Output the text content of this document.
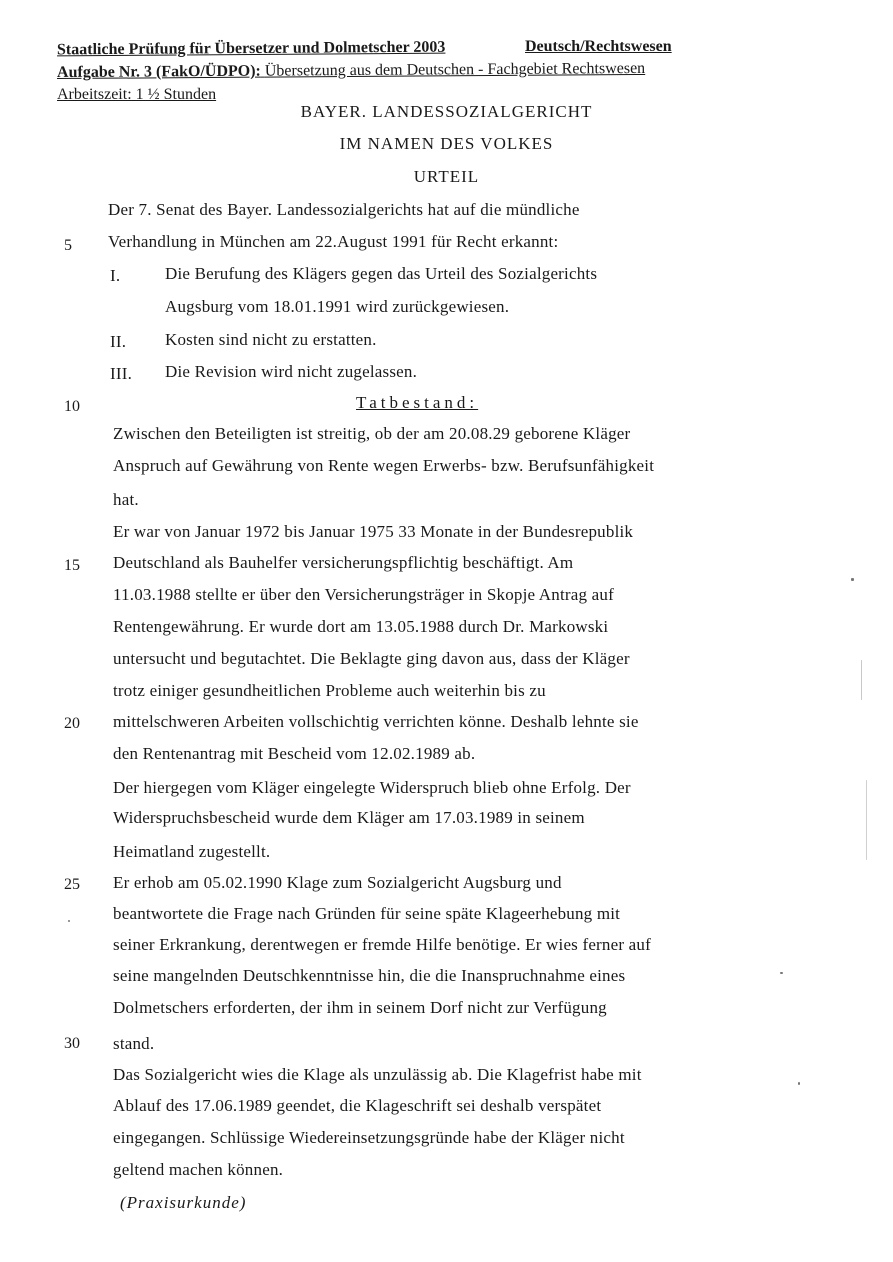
Staatliche Prüfung für Übersetzer und Dolmetscher 2003	Deutsch/Rechtswesen
Aufgabe Nr. 3 (FakO/ÜDPO): Übersetzung aus dem Deutschen - Fachgebiet Rechtswesen
Arbeitszeit: 1 ½ Stunden
BAYER. LANDESSOZIALGERICHT
IM NAMEN DES VOLKES
URTEIL
5
10
15
20
25
30
Der 7. Senat des Bayer. Landessozialgerichts hat auf die mündliche
Verhandlung in München am 22.August 1991 für Recht erkannt:
I.	Die Berufung des Klägers gegen das Urteil des Sozialgerichts
Augsburg vom 18.01.1991 wird zurückgewiesen.
II. Kosten sind nicht zu erstatten.
III. Die Revision wird nicht zugelassen.
Tatbestand:
Zwischen den Beteiligten ist streitig, ob der am 20.08.29 geborene Kläger
Anspruch auf Gewährung von Rente wegen Erwerbs- bzw. Berufsunfähigkeit
hat.
Er war von Januar 1972 bis Januar 1975 33 Monate in der Bundesrepublik
Deutschland als Bauhelfer versicherungspflichtig beschäftigt. Am
11.03.1988 stellte er über den Versicherungsträger in Skopje Antrag auf
Rentengewährung. Er wurde dort am 13.05.1988 durch Dr. Markowski
untersucht und begutachtet. Die Beklagte ging davon aus, dass der Kläger
trotz einiger gesundheitlichen Probleme auch weiterhin bis zu
mittelschweren Arbeiten vollschichtig verrichten könne. Deshalb lehnte sie
den Rentenantrag mit Bescheid vom 12.02.1989 ab.
Der hiergegen vom Kläger eingelegte Widerspruch blieb ohne Erfolg. Der
Widerspruchsbescheid wurde dem Kläger am 17.03.1989 in seinem
Heimatland zugestellt.
Er erhob am 05.02.1990 Klage zum Sozialgericht Augsburg und
beantwortete die Frage nach Gründen für seine späte Klageerhebung mit
seiner Erkrankung, derentwegen er fremde Hilfe benötige. Er wies ferner auf
seine mangelnden Deutschkenntnisse hin, die die Inanspruchnahme eines
Dolmetschers erforderten, der ihm in seinem Dorf nicht zur Verfügung
stand.
Das Sozialgericht wies die Klage als unzulässig ab. Die Klagefrist habe mit
Ablauf des 17.06.1989 geendet, die Klageschrift sei deshalb verspätet
eingegangen. Schlüssige Wiedereinsetzungsgründe habe der Kläger nicht
geltend machen können.
(Praxisurkunde)
